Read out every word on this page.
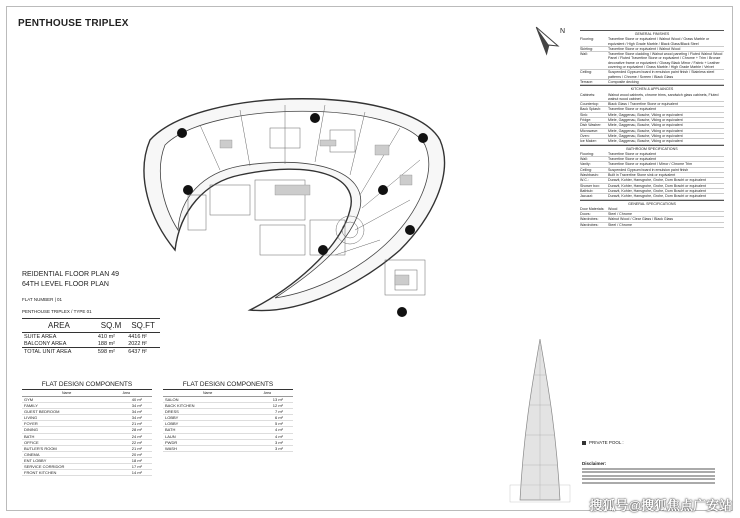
PENTHOUSE TRIPLEX
N
REIDENTIAL FLOOR PLAN 49
64TH LEVEL FLOOR PLAN
FLAT NUMBER | 01
PENTHOUSE TRIPLEX / TYPE 01
AREA	SQ.M	SQ.FT
SUITE AREA	410 m²	4416 ft²
BALCONY AREA	188 m²	2022 ft²
TOTAL UNIT AREA	598 m²	6437 ft²
FLAT DESIGN COMPONENTS
Name	Area
GYM	40 m²
FAMILY	34 m²
GUEST BEDROOM	34 m²
LIVING	34 m²
FOYER	21 m²
DINING	28 m²
BATH	24 m²
OFFICE	22 m²
BUTLER'S ROOM	21 m²
CINEMA	20 m²
ENT LOBBY	18 m²
SERVICE CORRIDOR	17 m²
FRONT KITCHEN	14 m²
FLAT DESIGN COMPONENTS
Name	Area
SALON	13 m²
BACK KITCHEN	12 m²
DRESS	7 m²
LOBBY	6 m²
LOBBY	5 m²
BATH	4 m²
LAUN	4 m²
PWDR	3 m²
WASH	3 m²
GENERAL FINISHES
Flooring:	Travertine Stone or equivalent / Walnut Wood / Grass Marble or equivalent / High Grade Marble / Black Glass/Black Steel
Skirting:	Travertine Stone or equivalent / Walnut Wood
Wall:	Travertine Stone cladding / Walnut wood paneling / Fluted Walnut Wood Panel / Fluted Travertine Stone or equivalent / Chrome + Trim / Bronze decorative frame or equivalent / Glossy Black Mirror / Fabric + Leather covering or equivalent / Grass Marble / High Grade Marble / Velvet
Ceiling:	Suspended Gypsum board in emulsion paint finish / Stainless steel patterns / Chrome / Screen / Black Glass
Terrace:	Composite decking
KITCHEN & APPLIANCES
Cabinets:	Walnut wood cabinets, chrome trims, sandwich glass cabinets, Fluted walnut wood cabinet
Countertop:	Black Glass / Travertine Stone or equivalent
Back Splash:	Travertine Stone or equivalent
Sink:	Miele, Gaggenau, Bosche, Viking or equivalent
Fridge:	Miele, Gaggenau, Bosche, Viking or equivalent
Dish Washer:	Miele, Gaggenau, Bosche, Viking or equivalent
Microwave:	Miele, Gaggenau, Bosche, Viking or equivalent
Oven:	Miele, Gaggenau, Bosche, Viking or equivalent
Ice Maker:	Miele, Gaggenau, Bosche, Viking or equivalent
BATHROOM SPECIFICATIONS
Flooring:	Travertine Stone or equivalent
Wall:	Travertine Stone or equivalent
Vanity:	Travertine Stone or equivalent / Mirror / Chrome Trim
Ceiling:	Suspended Gypsum board in emulsion paint finish
Washbasin:	Built in Travertine Stone sink or equivalent
W.C.:	Duravit, Kohler, Hansgrohe, Grohe, Dorn Bracht or equivalent
Shower box:	Duravit, Kohler, Hansgrohe, Grohe, Dorn Bracht or equivalent
Bathtub:	Duravit, Kohler, Hansgrohe, Grohe, Dorn Bracht or equivalent
Jacuzzi:	Duravit, Kohler, Hansgrohe, Grohe, Dorn Bracht or equivalent
GENERAL SPECIFICATIONS
Door Materials:	Wood
Doors:	Steel / Chrome
Wardrobes:	Walnut Wood / Clear Glass / Black Glass
Wardrobes:	Steel / Chrome
PRIVATE POOL :
Disclaimer:
搜狐号@搜狐焦点广安站
